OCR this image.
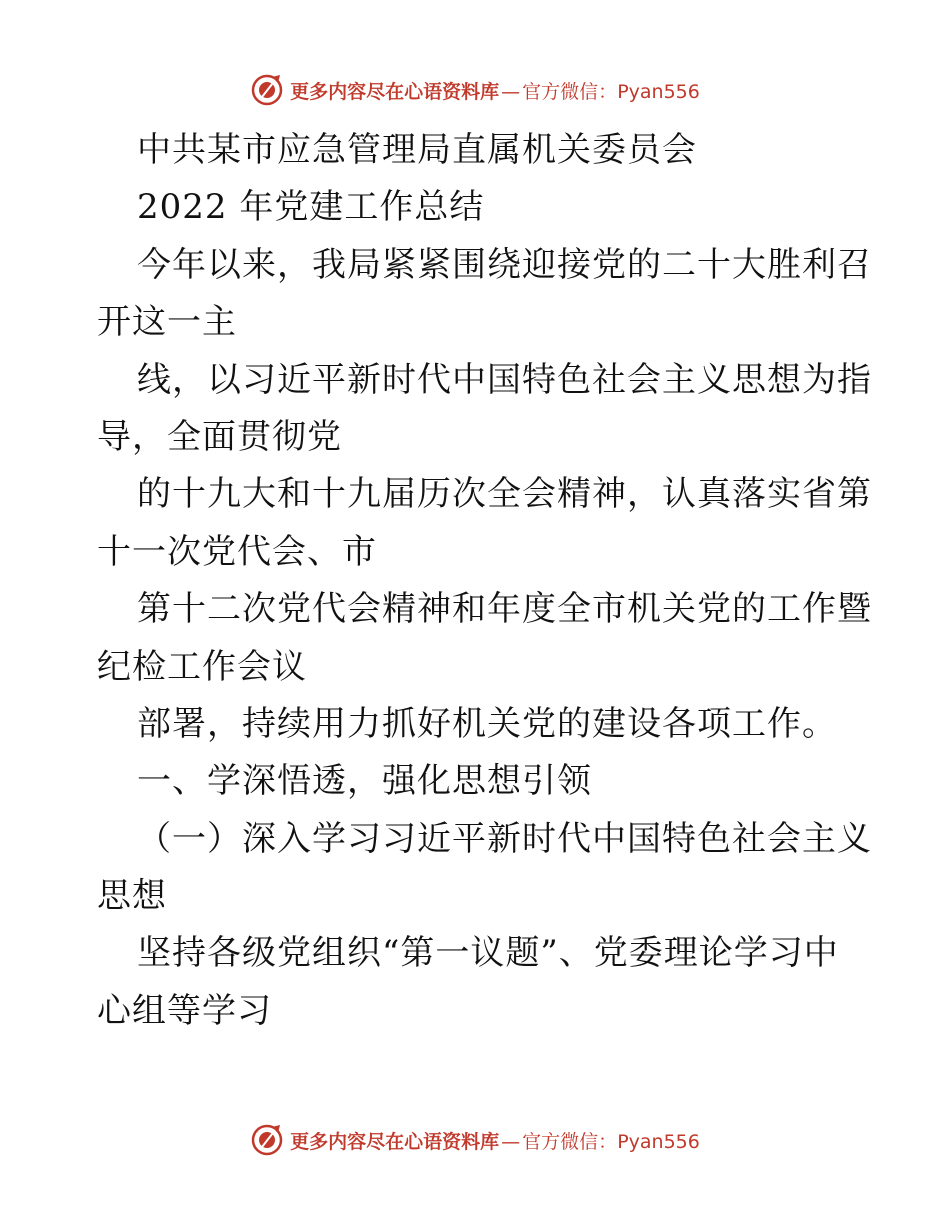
更多内容尽在心语资料库 — 官方微信：Pyan556
中共某市应急管理局直属机关委员会
2022 年党建工作总结
今年以来，我局紧紧围绕迎接党的二十大胜利召
开这一主
线，以习近平新时代中国特色社会主义思想为指
导，全面贯彻党
的十九大和十九届历次全会精神，认真落实省第
十一次党代会、市
第十二次党代会精神和年度全市机关党的工作暨
纪检工作会议
部署，持续用力抓好机关党的建设各项工作。
一、学深悟透，强化思想引领
（一）深入学习习近平新时代中国特色社会主义
思想
坚持各级党组织“第一议题”、党委理论学习中
心组等学习
更多内容尽在心语资料库 — 官方微信：Pyan556
